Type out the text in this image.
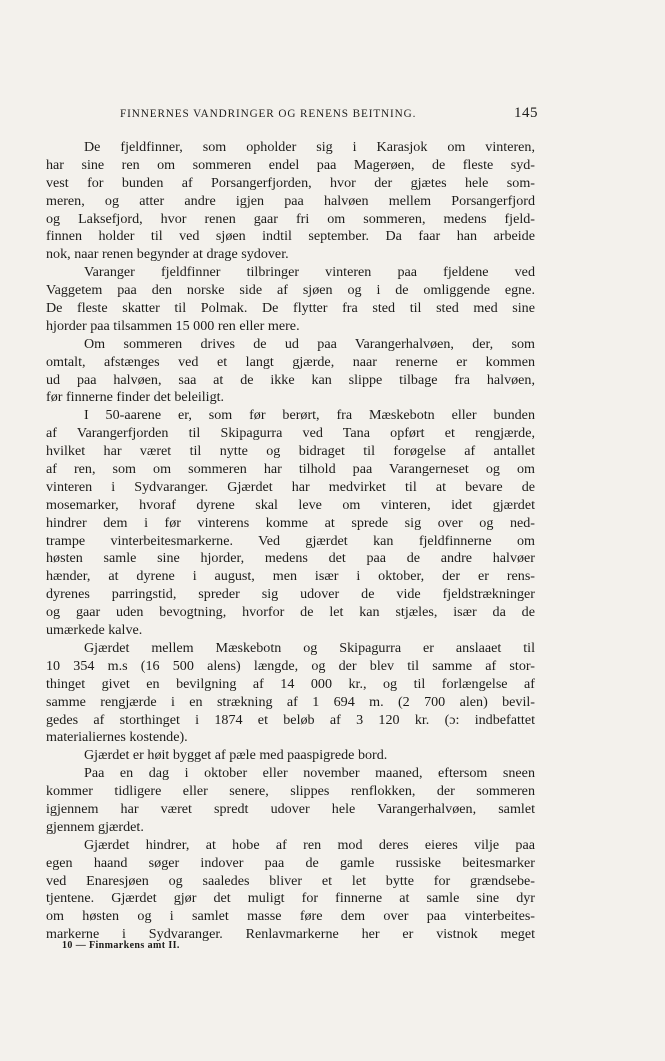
FINNERNES VANDRINGER OG RENENS BEITNING.	145
De fjeldfinner, som opholder sig i Karasjok om vinteren,
har sine ren om sommeren endel paa Magerøen, de fleste syd-
vest for bunden af Porsangerfjorden, hvor der gjætes hele som-
meren, og atter andre igjen paa halvøen mellem Porsangerfjord
og Laksefjord, hvor renen gaar fri om sommeren, medens fjeld-
finnen holder til ved sjøen indtil september. Da faar han arbeide
nok, naar renen begynder at drage sydover.
Varanger fjeldfinner tilbringer vinteren paa fjeldene ved
Vaggetem paa den norske side af sjøen og i de omliggende egne.
De fleste skatter til Polmak. De flytter fra sted til sted med sine
hjorder paa tilsammen 15 000 ren eller mere.
Om sommeren drives de ud paa Varangerhalvøen, der, som
omtalt, afstænges ved et langt gjærde, naar renerne er kommen
ud paa halvøen, saa at de ikke kan slippe tilbage fra halvøen,
før finnerne finder det beleiligt.
I 50-aarene er, som før berørt, fra Mæskebotn eller bunden
af Varangerfjorden til Skipagurra ved Tana opført et rengjærde,
hvilket har været til nytte og bidraget til forøgelse af antallet
af ren, som om sommeren har tilhold paa Varangerneset og om
vinteren i Sydvaranger. Gjærdet har medvirket til at bevare de
mosemarker, hvoraf dyrene skal leve om vinteren, idet gjærdet
hindrer dem i før vinterens komme at sprede sig over og ned-
trampe vinterbeitesmarkerne. Ved gjærdet kan fjeldfinnerne om
høsten samle sine hjorder, medens det paa de andre halvøer
hænder, at dyrene i august, men især i oktober, der er rens-
dyrenes parringstid, spreder sig udover de vide fjeldstrækninger
og gaar uden bevogtning, hvorfor de let kan stjæles, især da de
umærkede kalve.
Gjærdet mellem Mæskebotn og Skipagurra er anslaaet til
10 354 m.s (16 500 alens) længde, og der blev til samme af stor-
thinget givet en bevilgning af 14 000 kr., og til forlængelse af
samme rengjærde i en strækning af 1 694 m. (2 700 alen) bevil-
gedes af storthinget i 1874 et beløb af 3 120 kr. (ɔ: indbefattet
materialiernes kostende).
Gjærdet er høit bygget af pæle med paaspigrede bord.
Paa en dag i oktober eller november maaned, eftersom sneen
kommer tidligere eller senere, slippes renflokken, der sommeren
igjennem har været spredt udover hele Varangerhalvøen, samlet
gjennem gjærdet.
Gjærdet hindrer, at hobe af ren mod deres eieres vilje paa
egen haand søger indover paa de gamle russiske beitesmarker
ved Enaresjøen og saaledes bliver et let bytte for grændsebe-
tjentene. Gjærdet gjør det muligt for finnerne at samle sine dyr
om høsten og i samlet masse føre dem over paa vinterbeites-
markerne i Sydvaranger. Renlavmarkerne her er vistnok meget
10 — Finmarkens amt II.
